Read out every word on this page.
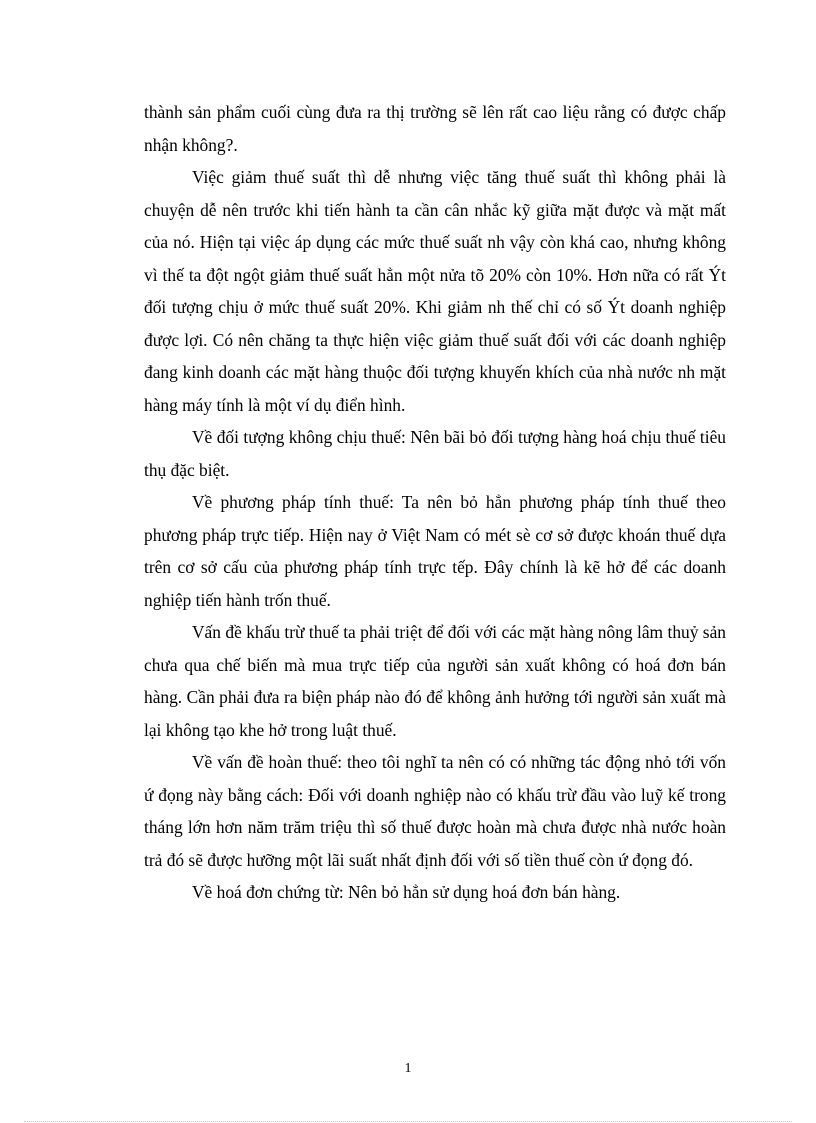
thành sản phẩm cuối cùng đưa ra thị trường sẽ lên rất cao liệu rằng có được chấp nhận không?.

Việc giảm thuế suất thì dễ nhưng việc tăng thuế suất thì không phải là chuyện dễ nên trước khi tiến hành ta cần cân nhắc kỹ giữa mặt được và mặt mất của nó. Hiện tại việc áp dụng các mức thuế suất nh vậy còn khá cao, nhưng không vì thế ta đột ngột giảm thuế suất hẳn một nửa tõ 20% còn 10%. Hơn nữa có rất Ýt đối tượng chịu ở mức thuế suất 20%. Khi giảm nh thế chỉ có số Ýt doanh nghiệp được lợi. Có nên chăng ta thực hiện việc giảm thuế suất đối với các doanh nghiệp đang kinh doanh các mặt hàng thuộc đối tượng khuyến khích của nhà nước nh mặt hàng máy tính là một ví dụ điển hình.

Về đối tượng không chịu thuế: Nên bãi bỏ đối tượng hàng hoá chịu thuế tiêu thụ đặc biệt.

Về phương pháp tính thuế: Ta nên bỏ hẳn phương pháp tính thuế theo phương pháp trực tiếp. Hiện nay ở Việt Nam có mét sè cơ sở được khoán thuế dựa trên cơ sở cấu của phương pháp tính trực tếp. Đây chính là kẽ hở để các doanh nghiệp tiến hành trốn thuế.

Vấn đề khấu trừ thuế ta phải triệt để đối với các mặt hàng nông lâm thuỷ sản chưa qua chế biến mà mua trực tiếp của người sản xuất không có hoá đơn bán hàng. Cần phải đưa ra biện pháp nào đó để không ảnh hưởng tới người sản xuất mà lại không tạo khe hở trong luật thuế.

Về vấn đề hoàn thuế: theo tôi nghĩ ta nên có có những tác động nhỏ tới vốn ứ đọng này bằng cách: Đối với doanh nghiệp nào có khấu trừ đầu vào luỹ kế trong tháng lớn hơn năm trăm triệu thì số thuế được hoàn mà chưa được nhà nước hoàn trả đó sẽ được hưỡng một lãi suất nhất định đối với số tiền thuế còn ứ đọng đó.

Về hoá đơn chứng từ: Nên bỏ hẳn sử dụng hoá đơn bán hàng.

1
